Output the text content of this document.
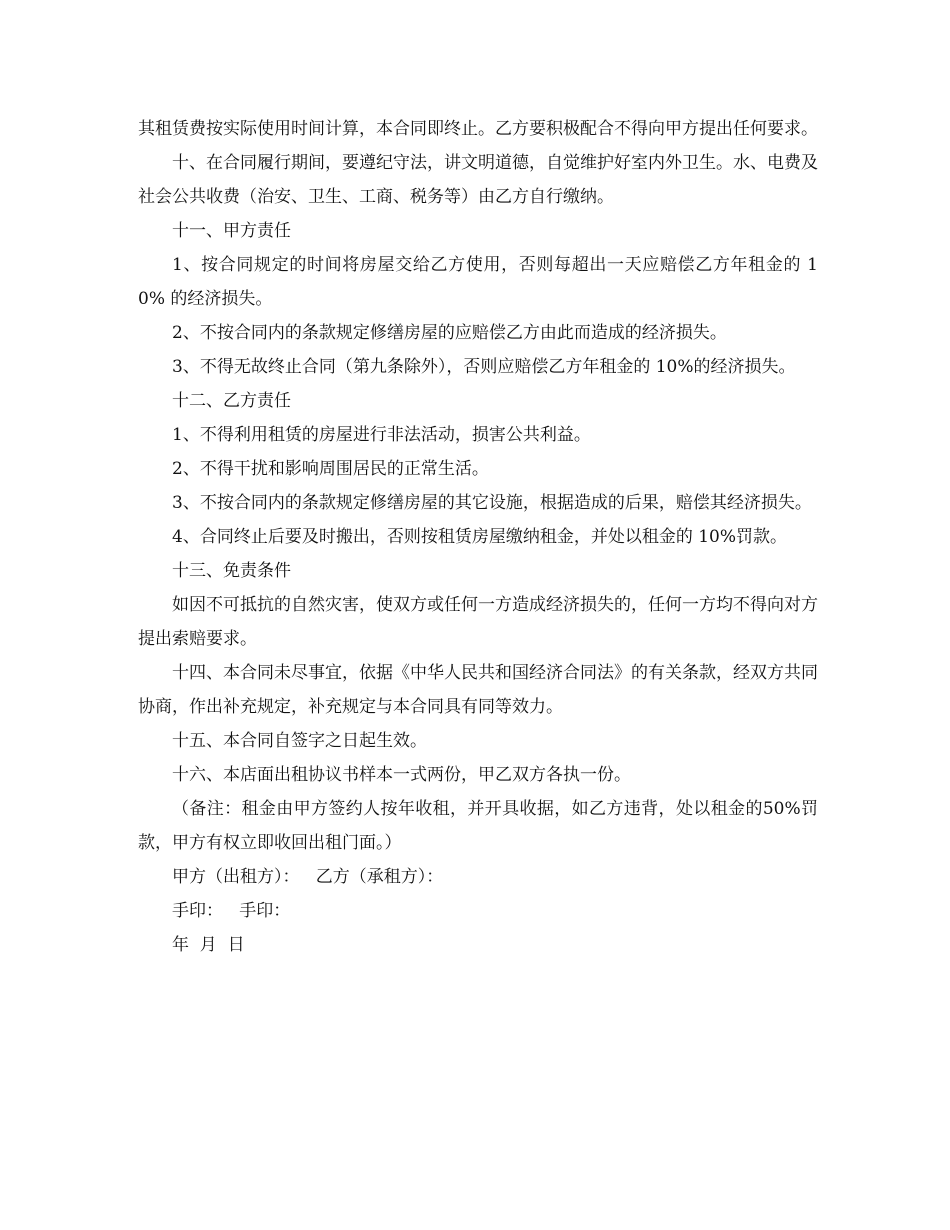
其租赁费按实际使用时间计算，本合同即终止。乙方要积极配合不得向甲方提出任何要求。

十、在合同履行期间，要遵纪守法，讲文明道德，自觉维护好室内外卫生。水、电费及社会公共收费（治安、卫生、工商、税务等）由乙方自行缴纳。

十一、甲方责任

1、按合同规定的时间将房屋交给乙方使用，否则每超出一天应赔偿乙方年租金的 10% 的经济损失。

2、不按合同内的条款规定修缮房屋的应赔偿乙方由此而造成的经济损失。

3、不得无故终止合同（第九条除外），否则应赔偿乙方年租金的 10%的经济损失。

十二、乙方责任

1、不得利用租赁的房屋进行非法活动，损害公共利益。

2、不得干扰和影响周围居民的正常生活。

3、不按合同内的条款规定修缮房屋的其它设施，根据造成的后果，赔偿其经济损失。

4、合同终止后要及时搬出，否则按租赁房屋缴纳租金，并处以租金的 10%罚款。

十三、免责条件

如因不可抵抗的自然灾害，使双方或任何一方造成经济损失的，任何一方均不得向对方提出索赔要求。

十四、本合同未尽事宜，依据《中华人民共和国经济合同法》的有关条款，经双方共同协商，作出补充规定，补充规定与本合同具有同等效力。

十五、本合同自签字之日起生效。

十六、本店面出租协议书样本一式两份，甲乙双方各执一份。

（备注：租金由甲方签约人按年收租，并开具收据，如乙方违背，处以租金的50%罚款，甲方有权立即收回出租门面。）

甲方（出租方）：   乙方（承租方）：

手印：   手印：

年  月  日
